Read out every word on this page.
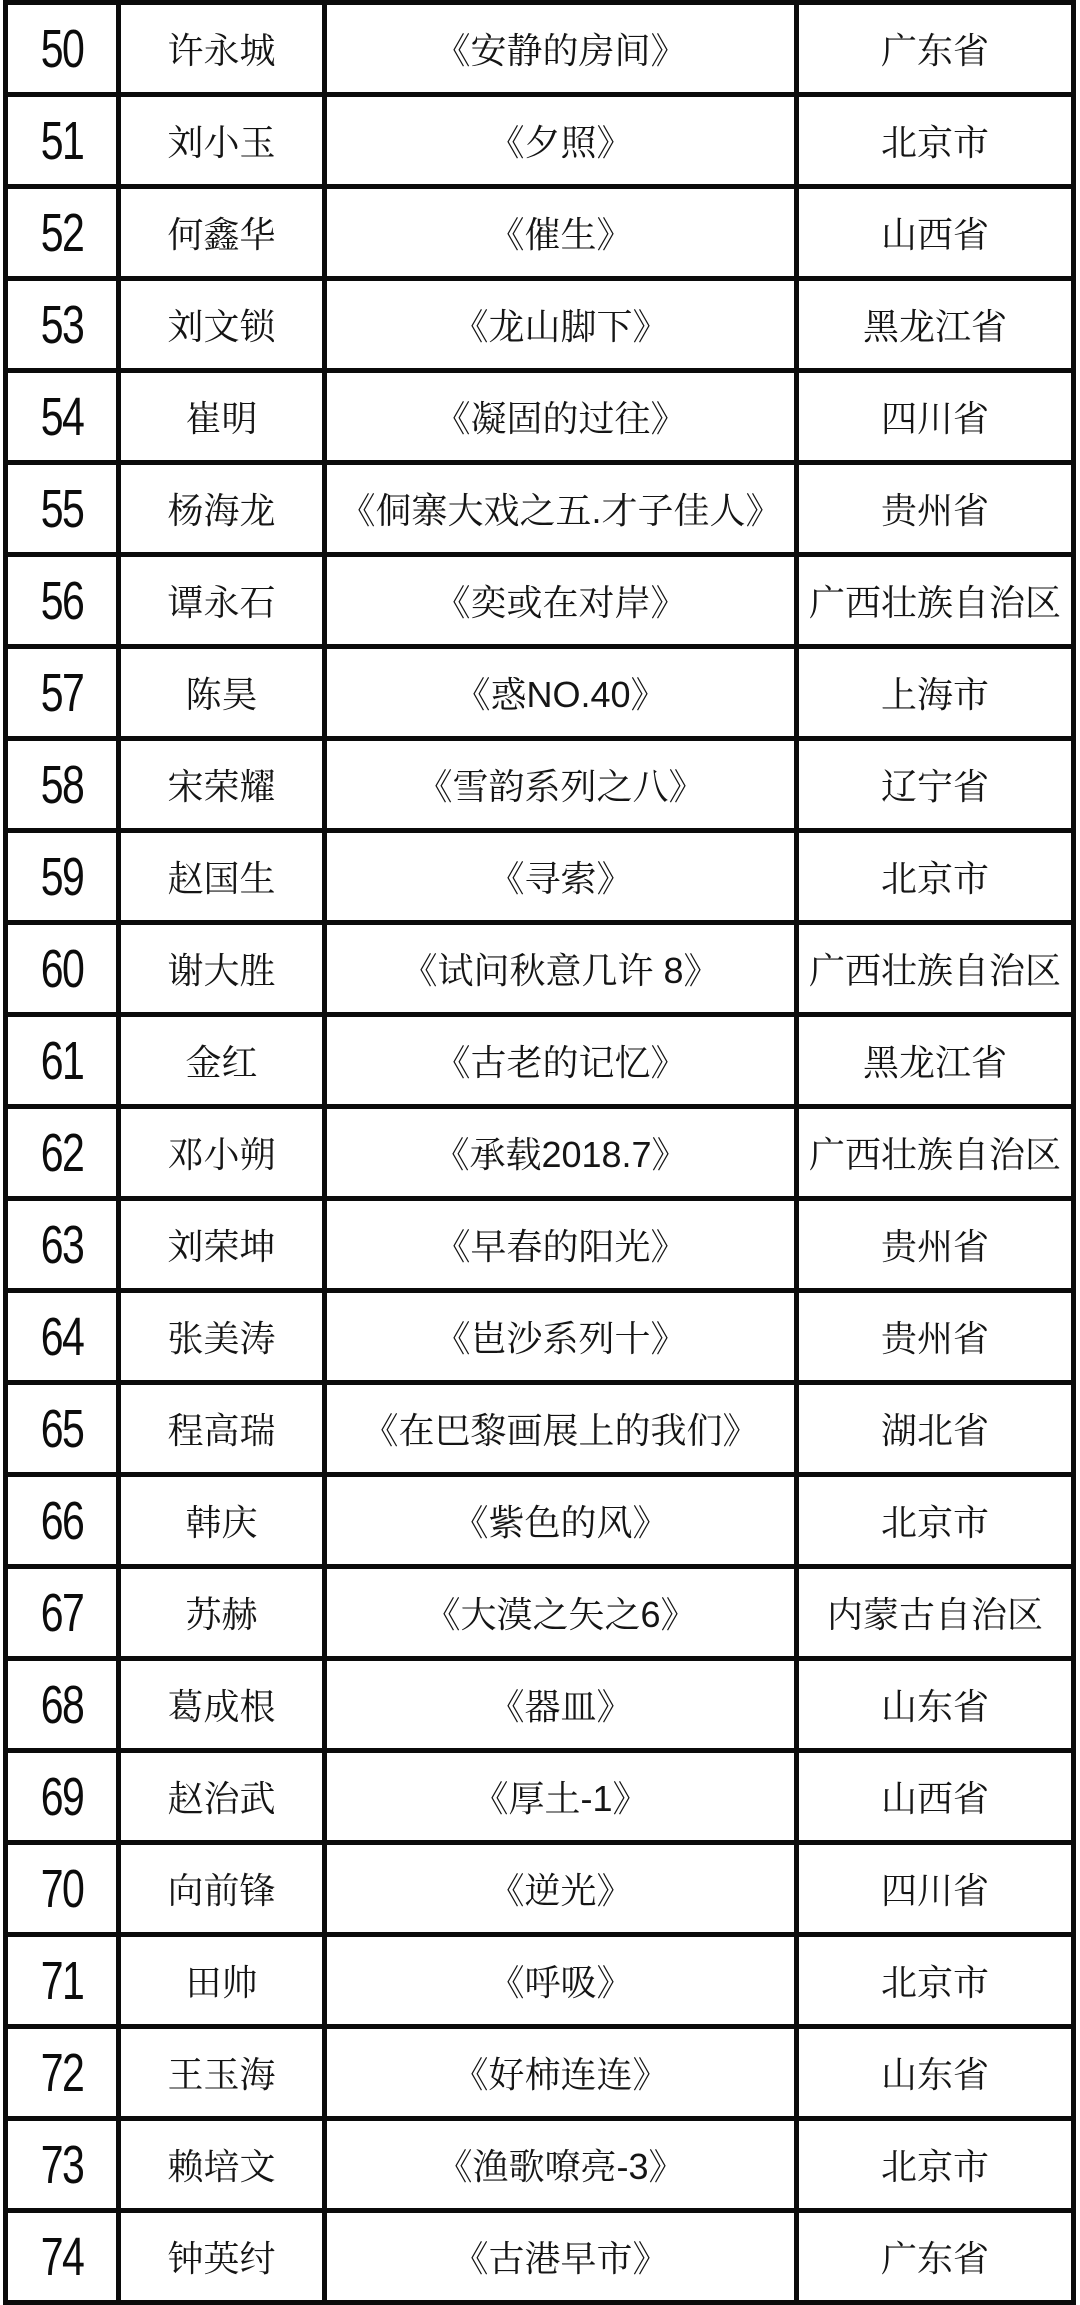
50	许永城	《安静的房间》	广东省
51	刘小玉	《夕照》	北京市
52	何鑫华	《催生》	山西省
53	刘文锁	《龙山脚下》	黑龙江省
54	崔明	《凝固的过往》	四川省
55	杨海龙	《侗寨大戏之五.才子佳人》	贵州省
56	谭永石	《奕或在对岸》	广西壮族自治区
57	陈昊	《惑NO.40》	上海市
58	宋荣耀	《雪韵系列之八》	辽宁省
59	赵国生	《寻索》	北京市
60	谢大胜	《试问秋意几许 8》	广西壮族自治区
61	金红	《古老的记忆》	黑龙江省
62	邓小朔	《承载2018.7》	广西壮族自治区
63	刘荣坤	《早春的阳光》	贵州省
64	张美涛	《岜沙系列十》	贵州省
65	程高瑞	《在巴黎画展上的我们》	湖北省
66	韩庆	《紫色的风》	北京市
67	苏赫	《大漠之矢之6》	内蒙古自治区
68	葛成根	《器皿》	山东省
69	赵治武	《厚土-1》	山西省
70	向前锋	《逆光》	四川省
71	田帅	《呼吸》	北京市
72	王玉海	《好柿连连》	山东省
73	赖培文	《渔歌嘹亮-3》	北京市
74	钟英纣	《古港早市》	广东省
